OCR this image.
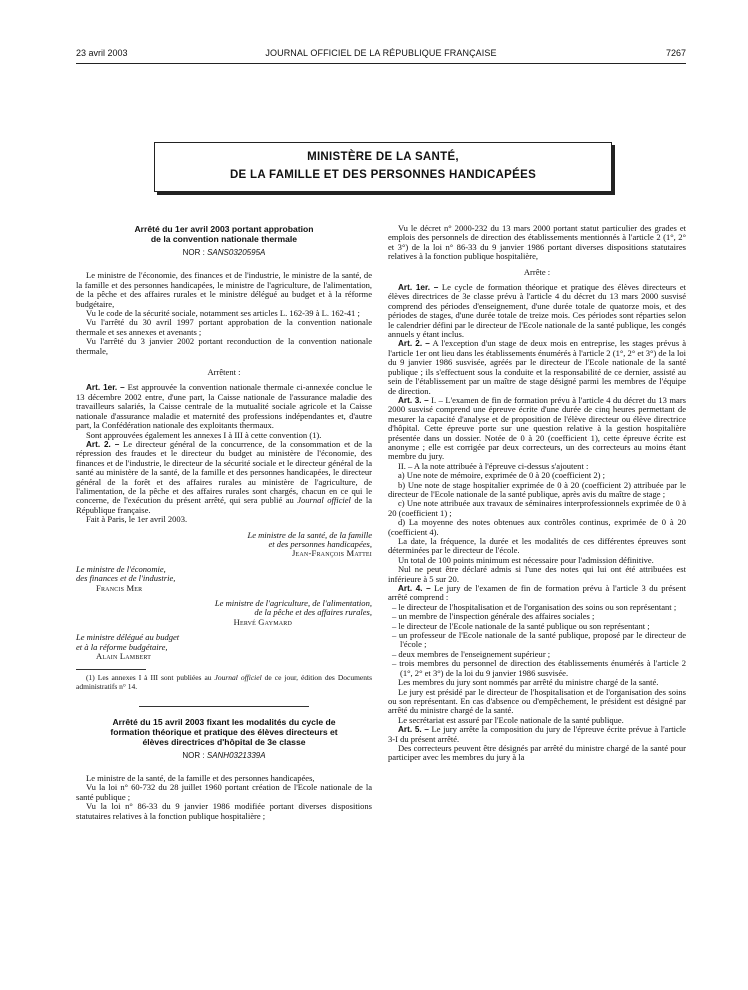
23 avril 2003	JOURNAL OFFICIEL DE LA RÉPUBLIQUE FRANÇAISE	7267
MINISTÈRE DE LA SANTÉ,
DE LA FAMILLE ET DES PERSONNES HANDICAPÉES

Arrêté du 1er avril 2003 portant approbation
de la convention nationale thermale

NOR : SANS0320595A

Le ministre de l'économie, des finances et de l'industrie, le ministre de la santé, de la famille et des personnes handicapées, le ministre de l'agriculture, de l'alimentation, de la pêche et des affaires rurales et le ministre délégué au budget et à la réforme budgétaire,

Vu le code de la sécurité sociale, notamment ses articles L. 162-39 à L. 162-41 ;

Vu l'arrêté du 30 avril 1997 portant approbation de la convention nationale thermale et ses annexes et avenants ;

Vu l'arrêté du 3 janvier 2002 portant reconduction de la convention nationale thermale,

Arrêtent :

Art. 1er. – Est approuvée la convention nationale thermale ci-annexée conclue le 13 décembre 2002 entre, d'une part, la Caisse nationale de l'assurance maladie des travailleurs salariés, la Caisse centrale de la mutualité sociale agricole et la Caisse nationale d'assurance maladie et maternité des professions indépendantes et, d'autre part, la Confédération nationale des exploitants thermaux.

Sont approuvées également les annexes I à III à cette convention (1).

Art. 2. – Le directeur général de la concurrence, de la consommation et de la répression des fraudes et le directeur du budget au ministère de l'économie, des finances et de l'industrie, le directeur de la sécurité sociale et le directeur général de la santé au ministère de la santé, de la famille et des personnes handicapées, le directeur général de la forêt et des affaires rurales au ministère de l'agriculture, de l'alimentation, de la pêche et des affaires rurales sont chargés, chacun en ce qui le concerne, de l'exécution du présent arrêté, qui sera publié au Journal officiel de la République française.

Fait à Paris, le 1er avril 2003.

Le ministre de la santé, de la famille
et des personnes handicapées,
Jean-François Mattei

Le ministre de l'économie,
des finances et de l'industrie,
Francis Mer

Le ministre de l'agriculture, de l'alimentation,
de la pêche et des affaires rurales,
Hervé Gaymard

Le ministre délégué au budget
et à la réforme budgétaire,
Alain Lambert

(1) Les annexes I à III sont publiées au Journal officiel de ce jour, édition des Documents administratifs n° 14.

Arrêté du 15 avril 2003 fixant les modalités du cycle de
formation théorique et pratique des élèves directeurs et
élèves directrices d'hôpital de 3e classe

NOR : SANH0321339A

Le ministre de la santé, de la famille et des personnes handicapées,

Vu la loi n° 60-732 du 28 juillet 1960 portant création de l'Ecole nationale de la santé publique ;

Vu la loi n° 86-33 du 9 janvier 1986 modifiée portant diverses dispositions statutaires relatives à la fonction publique hospitalière ;

Vu le décret n° 2000-232 du 13 mars 2000 portant statut particulier des grades et emplois des personnels de direction des établissements mentionnés à l'article 2 (1°, 2° et 3°) de la loi n° 86-33 du 9 janvier 1986 portant diverses dispositions statutaires relatives à la fonction publique hospitalière,

Arrête :

Art. 1er. – Le cycle de formation théorique et pratique des élèves directeurs et élèves directrices de 3e classe prévu à l'article 4 du décret du 13 mars 2000 susvisé comprend des périodes d'enseignement, d'une durée totale de quatorze mois, et des périodes de stages, d'une durée totale de treize mois. Ces périodes sont réparties selon le calendrier défini par le directeur de l'Ecole nationale de la santé publique, les congés annuels y étant inclus.

Art. 2. – A l'exception d'un stage de deux mois en entreprise, les stages prévus à l'article 1er ont lieu dans les établissements énumérés à l'article 2 (1°, 2° et 3°) de la loi du 9 janvier 1986 susvisée, agréés par le directeur de l'Ecole nationale de la santé publique ; ils s'effectuent sous la conduite et la responsabilité de ce dernier, assisté au sein de l'établissement par un maître de stage désigné parmi les membres de l'équipe de direction.

Art. 3. – I. – L'examen de fin de formation prévu à l'article 4 du décret du 13 mars 2000 susvisé comprend une épreuve écrite d'une durée de cinq heures permettant de mesurer la capacité d'analyse et de proposition de l'élève directeur ou élève directrice d'hôpital. Cette épreuve porte sur une question relative à la gestion hospitalière présentée dans un dossier. Notée de 0 à 20 (coefficient 1), cette épreuve écrite est anonyme ; elle est corrigée par deux correcteurs, un des correcteurs au moins étant membre du jury.

II. – A la note attribuée à l'épreuve ci-dessus s'ajoutent :

a) Une note de mémoire, exprimée de 0 à 20 (coefficient 2) ;

b) Une note de stage hospitalier exprimée de 0 à 20 (coefficient 2) attribuée par le directeur de l'Ecole nationale de la santé publique, après avis du maître de stage ;

c) Une note attribuée aux travaux de séminaires interprofessionnels exprimée de 0 à 20 (coefficient 1) ;

d) La moyenne des notes obtenues aux contrôles continus, exprimée de 0 à 20 (coefficient 4).

La date, la fréquence, la durée et les modalités de ces différentes épreuves sont déterminées par le directeur de l'école.

Un total de 100 points minimum est nécessaire pour l'admission définitive.

Nul ne peut être déclaré admis si l'une des notes qui lui ont été attribuées est inférieure à 5 sur 20.

Art. 4. – Le jury de l'examen de fin de formation prévu à l'article 3 du présent arrêté comprend :

– le directeur de l'hospitalisation et de l'organisation des soins ou son représentant ;

– un membre de l'inspection générale des affaires sociales ;

– le directeur de l'Ecole nationale de la santé publique ou son représentant ;

– un professeur de l'Ecole nationale de la santé publique, proposé par le directeur de l'école ;

– deux membres de l'enseignement supérieur ;

– trois membres du personnel de direction des établissements énumérés à l'article 2 (1°, 2° et 3°) de la loi du 9 janvier 1986 susvisée.

Les membres du jury sont nommés par arrêté du ministre chargé de la santé.

Le jury est présidé par le directeur de l'hospitalisation et de l'organisation des soins ou son représentant. En cas d'absence ou d'empêchement, le président est désigné par arrêté du ministre chargé de la santé.

Le secrétariat est assuré par l'Ecole nationale de la santé publique.

Art. 5. – Le jury arrête la composition du jury de l'épreuve écrite prévue à l'article 3-I du présent arrêté.

Des correcteurs peuvent être désignés par arrêté du ministre chargé de la santé pour participer avec les membres du jury à la
